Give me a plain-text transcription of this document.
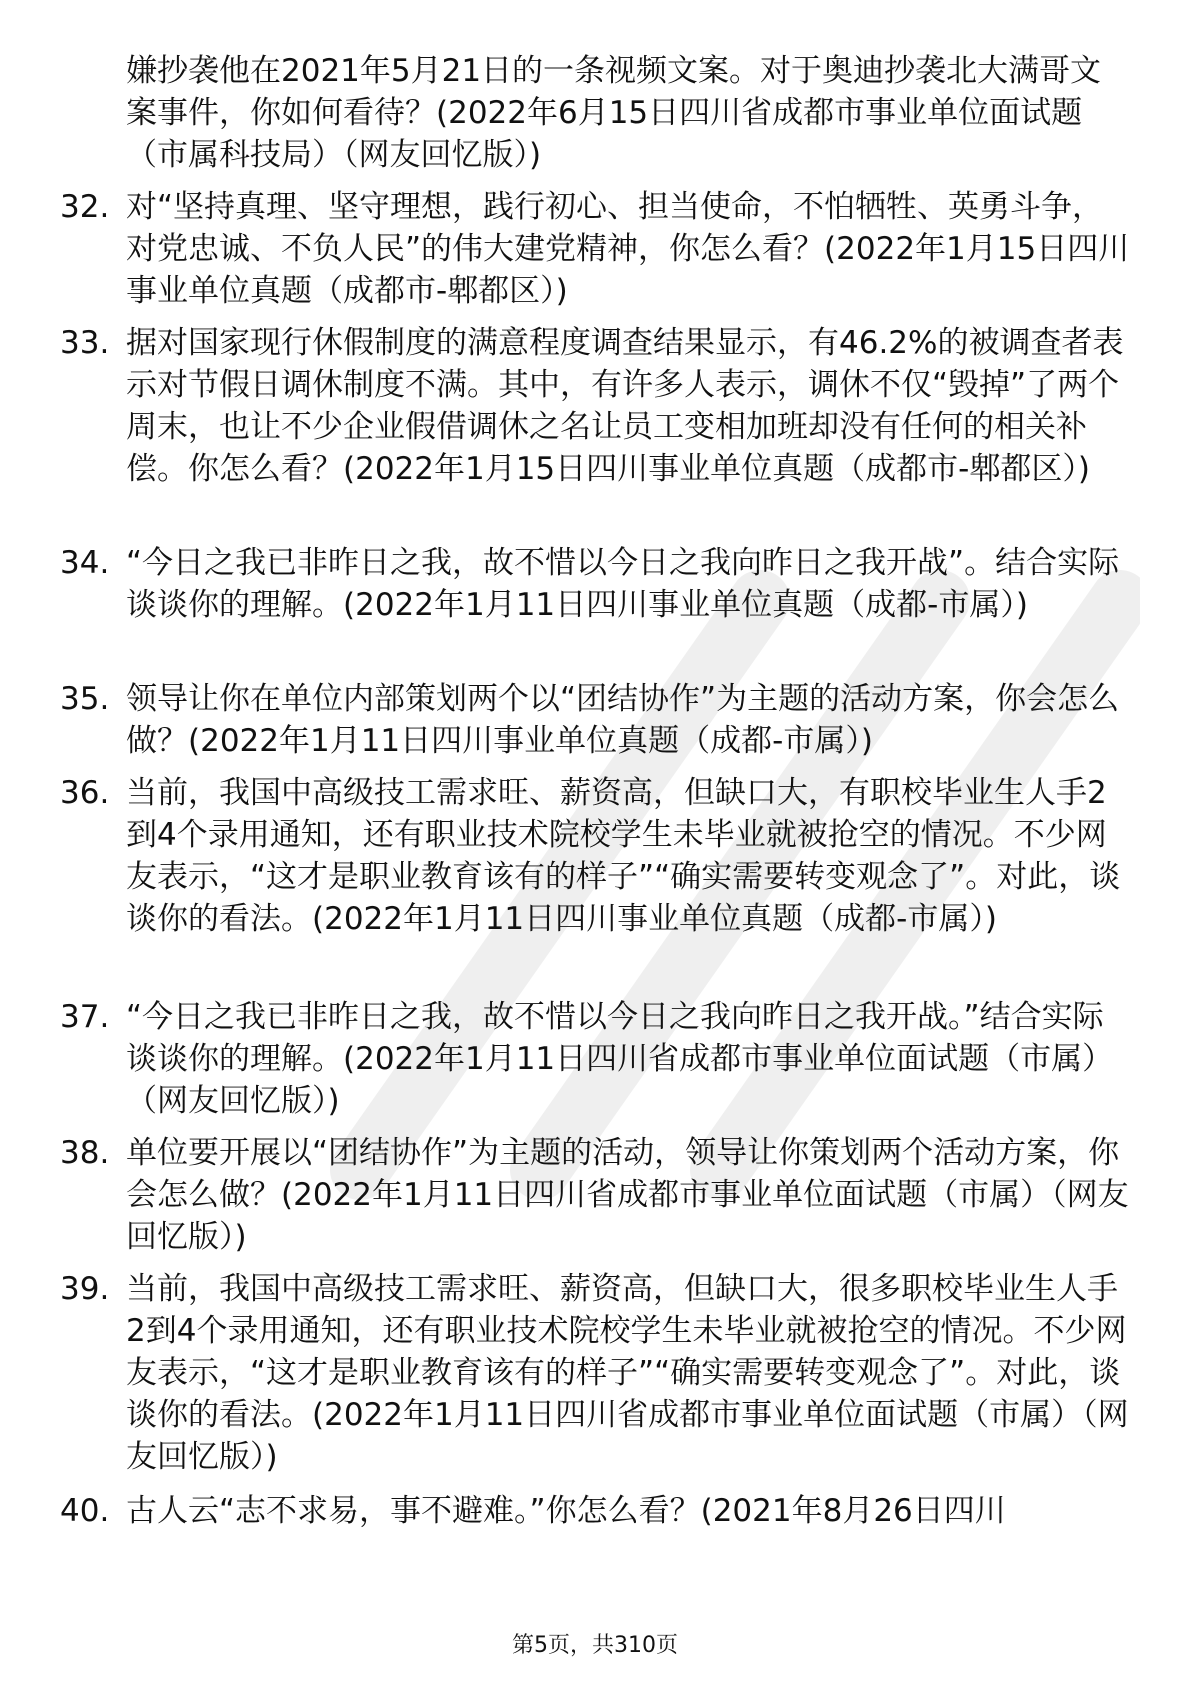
嫌抄袭他在2021年5月21日的一条视频文案。对于奥迪抄袭北大满哥文案事件，你如何看待？(2022年6月15日四川省成都市事业单位面试题（市属科技局）（网友回忆版）)
32. 对“坚持真理、坚守理想，践行初心、担当使命，不怕牺牲、英勇斗争，对党忠诚、不负人民”的伟大建党精神，你怎么看？(2022年1月15日四川事业单位真题（成都市-郫都区）)
33. 据对国家现行休假制度的满意程度调查结果显示，有46.2%的被调查者表示对节假日调休制度不满。其中，有许多人表示，调休不仅“毁掉”了两个周末，也让不少企业假借调休之名让员工变相加班却没有任何的相关补偿。你怎么看？(2022年1月15日四川事业单位真题（成都市-郫都区）)
34. “今日之我已非昨日之我，故不惜以今日之我向昨日之我开战”。结合实际谈谈你的理解。(2022年1月11日四川事业单位真题（成都-市属）)
35. 领导让你在单位内部策划两个以“团结协作”为主题的活动方案，你会怎么做？(2022年1月11日四川事业单位真题（成都-市属）)
36. 当前，我国中高级技工需求旺、薪资高，但缺口大，有职校毕业生人手2到4个录用通知，还有职业技术院校学生未毕业就被抢空的情况。不少网友表示，“这才是职业教育该有的样子”“确实需要转变观念了”。对此，谈谈你的看法。(2022年1月11日四川事业单位真题（成都-市属）)
37. “今日之我已非昨日之我，故不惜以今日之我向昨日之我开战。”结合实际谈谈你的理解。(2022年1月11日四川省成都市事业单位面试题（市属）（网友回忆版）)
38. 单位要开展以“团结协作”为主题的活动，领导让你策划两个活动方案，你会怎么做？(2022年1月11日四川省成都市事业单位面试题（市属）（网友回忆版）)
39. 当前，我国中高级技工需求旺、薪资高，但缺口大，很多职校毕业生人手2到4个录用通知，还有职业技术院校学生未毕业就被抢空的情况。不少网友表示，“这才是职业教育该有的样子”“确实需要转变观念了”。对此，谈谈你的看法。(2022年1月11日四川省成都市事业单位面试题（市属）（网友回忆版）)
40. 古人云“志不求易，事不避难。”你怎么看？(2021年8月26日四川
第5页，共310页
